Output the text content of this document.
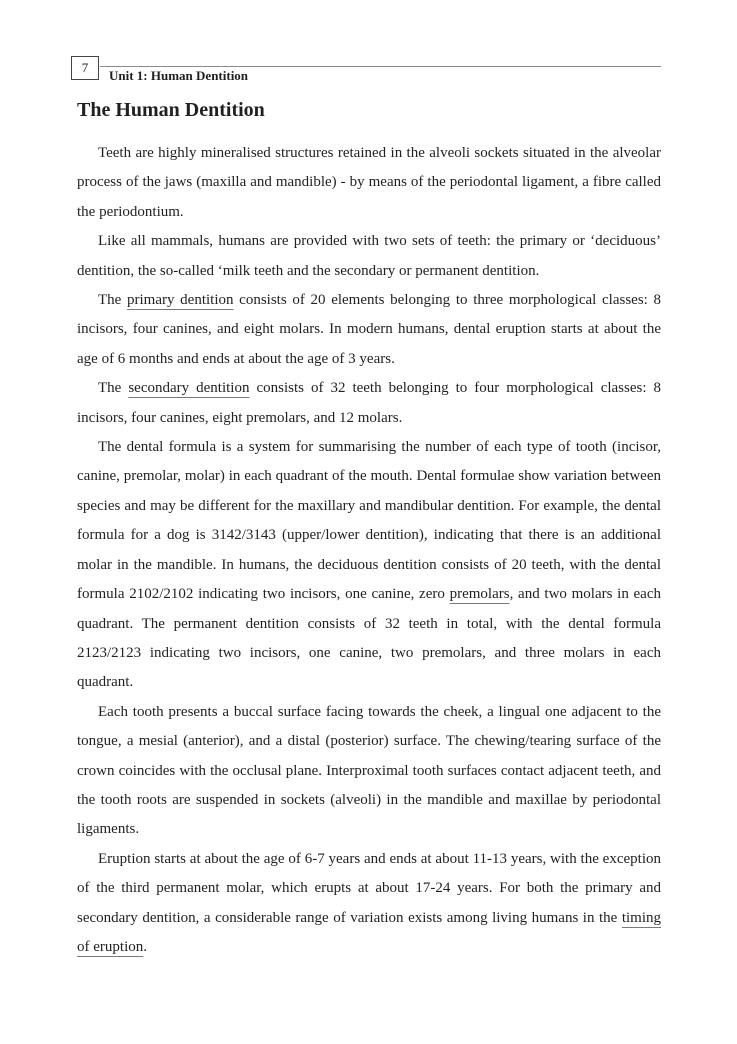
7
Unit 1: Human Dentition
The Human Dentition

Teeth are highly mineralised structures retained in the alveoli sockets situated in the alveolar process of the jaws (maxilla and mandible) - by means of the periodontal ligament, a fibre called the periodontium.

Like all mammals, humans are provided with two sets of teeth: the primary or ‘deciduous’ dentition, the so-called ‘milk teeth and the secondary or permanent dentition.

The primary dentition consists of 20 elements belonging to three morphological classes: 8 incisors, four canines, and eight molars. In modern humans, dental eruption starts at about the age of 6 months and ends at about the age of 3 years.

The secondary dentition consists of 32 teeth belonging to four morphological classes: 8 incisors, four canines, eight premolars, and 12 molars.

The dental formula is a system for summarising the number of each type of tooth (incisor, canine, premolar, molar) in each quadrant of the mouth. Dental formulae show variation between species and may be different for the maxillary and mandibular dentition. For example, the dental formula for a dog is 3142/3143 (upper/lower dentition), indicating that there is an additional molar in the mandible. In humans, the deciduous dentition consists of 20 teeth, with the dental formula 2102/2102 indicating two incisors, one canine, zero premolars, and two molars in each quadrant. The permanent dentition consists of 32 teeth in total, with the dental formula 2123/2123 indicating two incisors, one canine, two premolars, and three molars in each quadrant.

Each tooth presents a buccal surface facing towards the cheek, a lingual one adjacent to the tongue, a mesial (anterior), and a distal (posterior) surface. The chewing/tearing surface of the crown coincides with the occlusal plane. Interproximal tooth surfaces contact adjacent teeth, and the tooth roots are suspended in sockets (alveoli) in the mandible and maxillae by periodontal ligaments.

Eruption starts at about the age of 6-7 years and ends at about 11-13 years, with the exception of the third permanent molar, which erupts at about 17-24 years. For both the primary and secondary dentition, a considerable range of variation exists among living humans in the timing of eruption.
